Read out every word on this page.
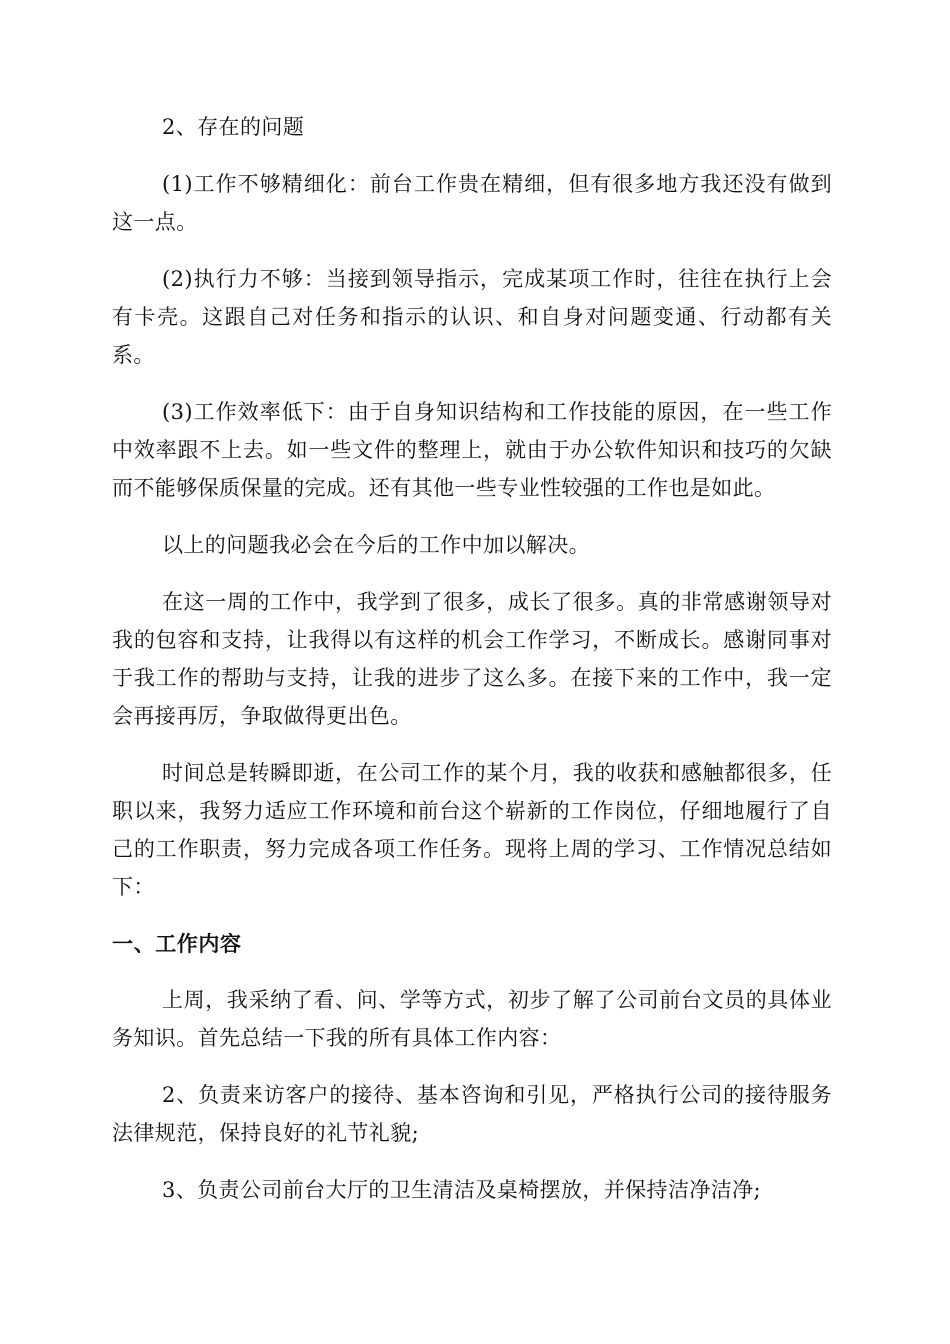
2、存在的问题

(1)工作不够精细化：前台工作贵在精细，但有很多地方我还没有做到这一点。

(2)执行力不够：当接到领导指示，完成某项工作时，往往在执行上会有卡壳。这跟自己对任务和指示的认识、和自身对问题变通、行动都有关系。

(3)工作效率低下：由于自身知识结构和工作技能的原因，在一些工作中效率跟不上去。如一些文件的整理上，就由于办公软件知识和技巧的欠缺而不能够保质保量的完成。还有其他一些专业性较强的工作也是如此。

以上的问题我必会在今后的工作中加以解决。

在这一周的工作中，我学到了很多，成长了很多。真的非常感谢领导对我的包容和支持，让我得以有这样的机会工作学习，不断成长。感谢同事对于我工作的帮助与支持，让我的进步了这么多。在接下来的工作中，我一定会再接再厉，争取做得更出色。

时间总是转瞬即逝，在公司工作的某个月，我的收获和感触都很多，任职以来，我努力适应工作环境和前台这个崭新的工作岗位，仔细地履行了自己的工作职责，努力完成各项工作任务。现将上周的学习、工作情况总结如下：

一、工作内容

上周，我采纳了看、问、学等方式，初步了解了公司前台文员的具体业务知识。首先总结一下我的所有具体工作内容：

2、负责来访客户的接待、基本咨询和引见，严格执行公司的接待服务法律规范，保持良好的礼节礼貌;

3、负责公司前台大厅的卫生清洁及桌椅摆放，并保持洁净洁净;
